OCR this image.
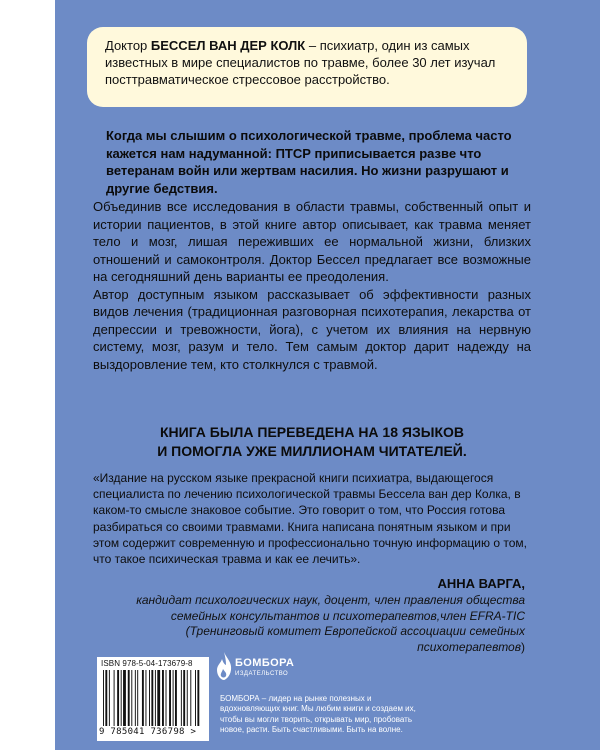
Доктор БЕССЕЛ ВАН ДЕР КОЛК – психиатр, один из самых известных в мире специалистов по травме, более 30 лет изучал посттравматическое стрессовое расстройство.
Когда мы слышим о психологической травме, проблема часто кажется нам надуманной: ПТСР приписывается разве что ветеранам войн или жертвам насилия. Но жизни разрушают и другие бедствия.

Объединив все исследования в области травмы, собственный опыт и истории пациентов, в этой книге автор описывает, как травма меняет тело и мозг, лишая переживших ее нормальной жизни, близких отношений и самоконтроля. Доктор Бессел предлагает все возможные на сегодняшний день варианты ее преодоления.

Автор доступным языком рассказывает об эффективности разных видов лечения (традиционная разговорная психотерапия, лекарства от депрессии и тревожности, йога), с учетом их влияния на нервную систему, мозг, разум и тело. Тем самым доктор дарит надежду на выздоровление тем, кто столкнулся с травмой.

КНИГА БЫЛА ПЕРЕВЕДЕНА НА 18 ЯЗЫКОВ
И ПОМОГЛА УЖЕ МИЛЛИОНАМ ЧИТАТЕЛЕЙ.
«Издание на русском языке прекрасной книги психиатра, выдающегося специалиста по лечению психологической травмы Бессела ван дер Колка, в каком-то смысле знаковое событие. Это говорит о том, что Россия готова разбираться со своими травмами. Книга написана понятным языком и при этом содержит современную и профессионально точную информацию о том, что такое психическая травма и как ее лечить».
АННА ВАРГА,
кандидат психологических наук, доцент, член правления общества семейных консультантов и психотерапевтов,член EFRA-TIC (Тренинговый комитет Европейской ассоциации семейных психотерапевтов)
ISBN 978-5-04-173679-8
9 785041 736798 >
БОМБОРА
ИЗДАТЕЛЬСТВО
БОМБОРА – лидер на рынке полезных и вдохновляющих книг. Мы любим книги и создаем их, чтобы вы могли творить, открывать мир, пробовать новое, расти. Быть счастливыми. Быть на волне.
